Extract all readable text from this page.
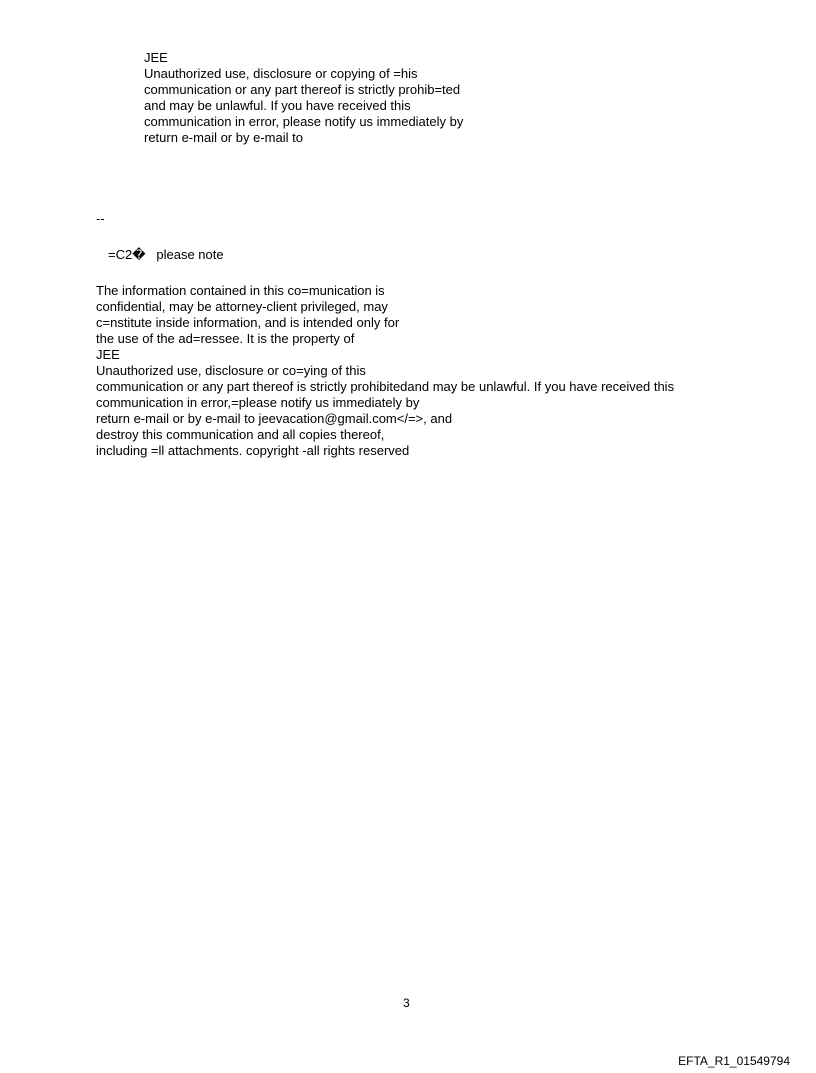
JEE
Unauthorized use, disclosure or copying of =his
communication or any part thereof is strictly prohib=ted
and may be unlawful. If you have received this
communication in error, please notify us immediately by
return e-mail or by e-mail to
--
=C2�   please note
The information contained in this co=munication is
confidential, may be attorney-client privileged, may
c=nstitute inside information, and is intended only for
the use of the ad=ressee. It is the property of
JEE
Unauthorized use, disclosure or co=ying of this
communication or any part thereof is strictly prohibitedand may be unlawful. If you have received this
communication in error,=please notify us immediately by
return e-mail or by e-mail to jeevacation@gmail.com</=>, and
destroy this communication and all copies thereof,
including =ll attachments. copyright -all rights reserved
3
EFTA_R1_01549794
